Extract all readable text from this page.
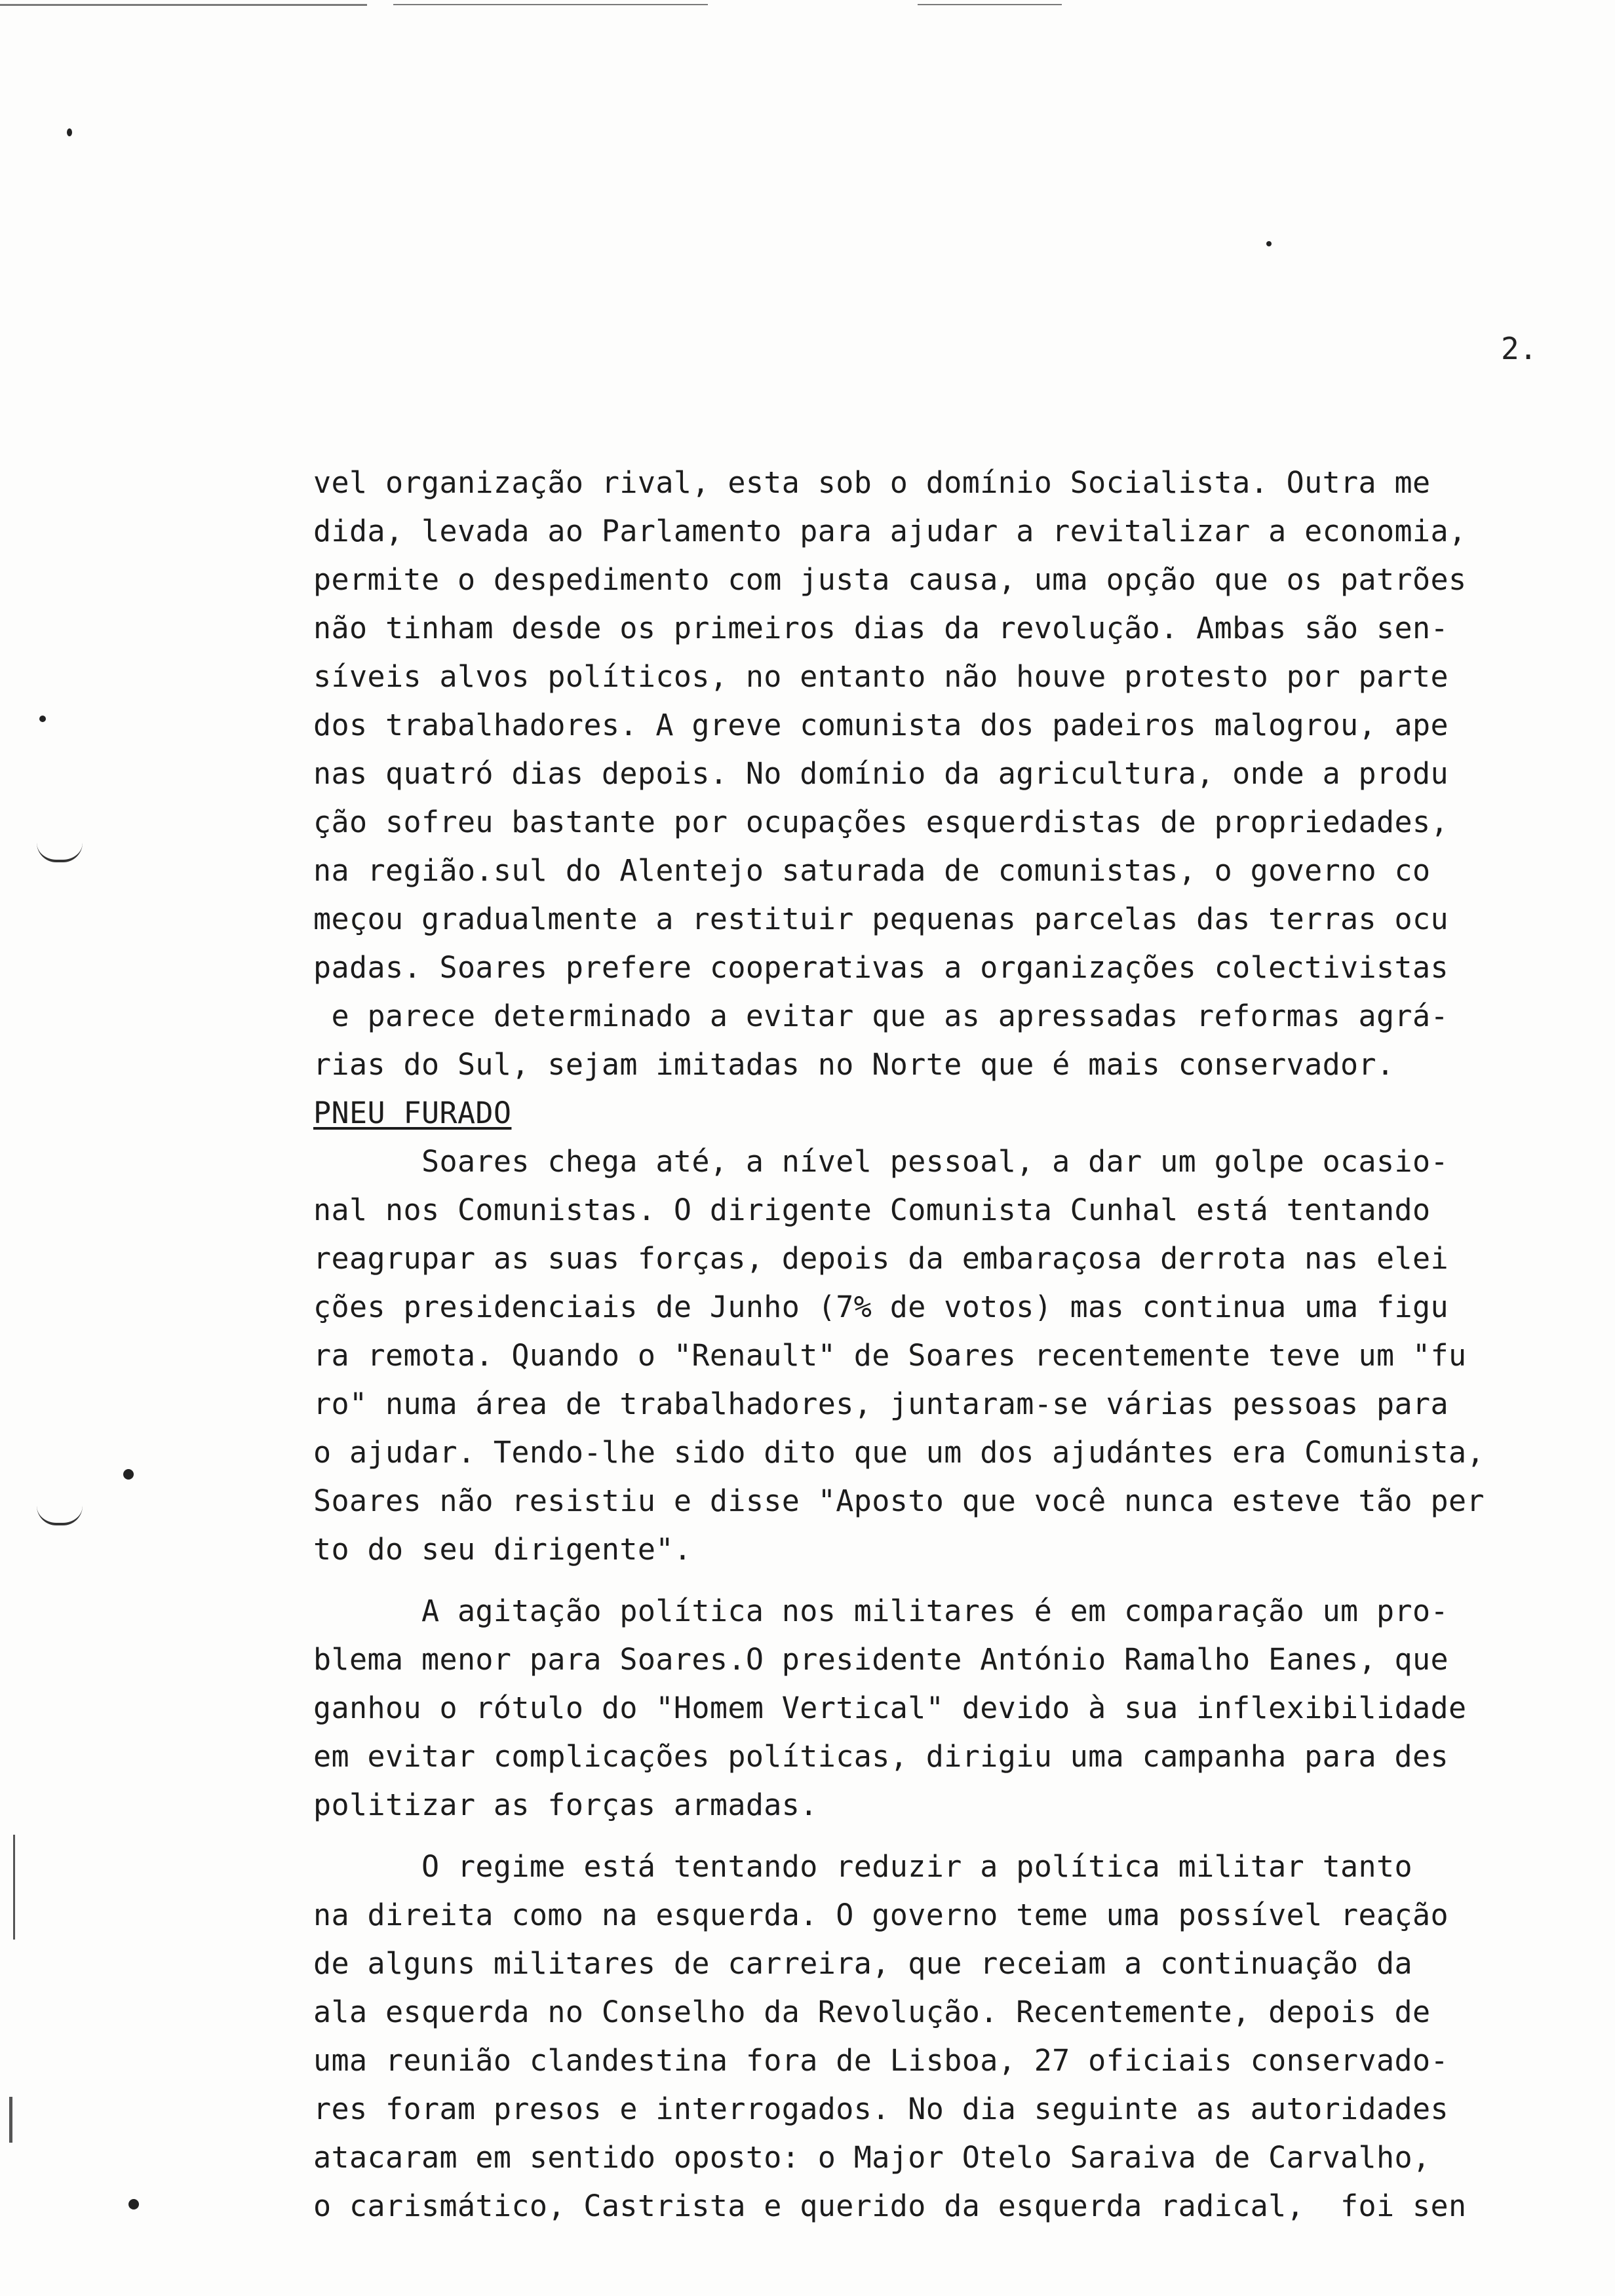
2.
vel organização rival, esta sob o domínio Socialista. Outra me
dida, levada ao Parlamento para ajudar a revitalizar a economia,
permite o despedimento com justa causa, uma opção que os patrões
não tinham desde os primeiros dias da revolução. Ambas são sen-
síveis alvos políticos, no entanto não houve protesto por parte
dos trabalhadores. A greve comunista dos padeiros malogrou, ape
nas quatró dias depois. No domínio da agricultura, onde a produ
ção sofreu bastante por ocupações esquerdistas de propriedades,
na região.sul do Alentejo saturada de comunistas, o governo co
meçou gradualmente a restituir pequenas parcelas das terras ocu
padas. Soares prefere cooperativas a organizações colectivistas
e parece determinado a evitar que as apressadas reformas agrá-
rias do Sul, sejam imitadas no Norte que é mais conservador.
PNEU FURADO
Soares chega até, a nível pessoal, a dar um golpe ocasio-
nal nos Comunistas. O dirigente Comunista Cunhal está tentando
reagrupar as suas forças, depois da embaraçosa derrota nas elei
ções presidenciais de Junho (7% de votos) mas continua uma figu
ra remota. Quando o "Renault" de Soares recentemente teve um "fu
ro" numa área de trabalhadores, juntaram-se várias pessoas para
o ajudar. Tendo-lhe sido dito que um dos ajudántes era Comunista,
Soares não resistiu e disse "Aposto que você nunca esteve tão per
to do seu dirigente".
A agitação política nos militares é em comparação um pro-
blema menor para Soares.O presidente António Ramalho Eanes, que
ganhou o rótulo do "Homem Vertical" devido à sua inflexibilidade
em evitar complicações políticas, dirigiu uma campanha para des
politizar as forças armadas.
O regime está tentando reduzir a política militar tanto
na direita como na esquerda. O governo teme uma possível reação
de alguns militares de carreira, que receiam a continuação da
ala esquerda no Conselho da Revolução. Recentemente, depois de
uma reunião clandestina fora de Lisboa, 27 oficiais conservado-
res foram presos e interrogados. No dia seguinte as autoridades
atacaram em sentido oposto: o Major Otelo Saraiva de Carvalho,
o carismático, Castrista e querido da esquerda radical,  foi sen
